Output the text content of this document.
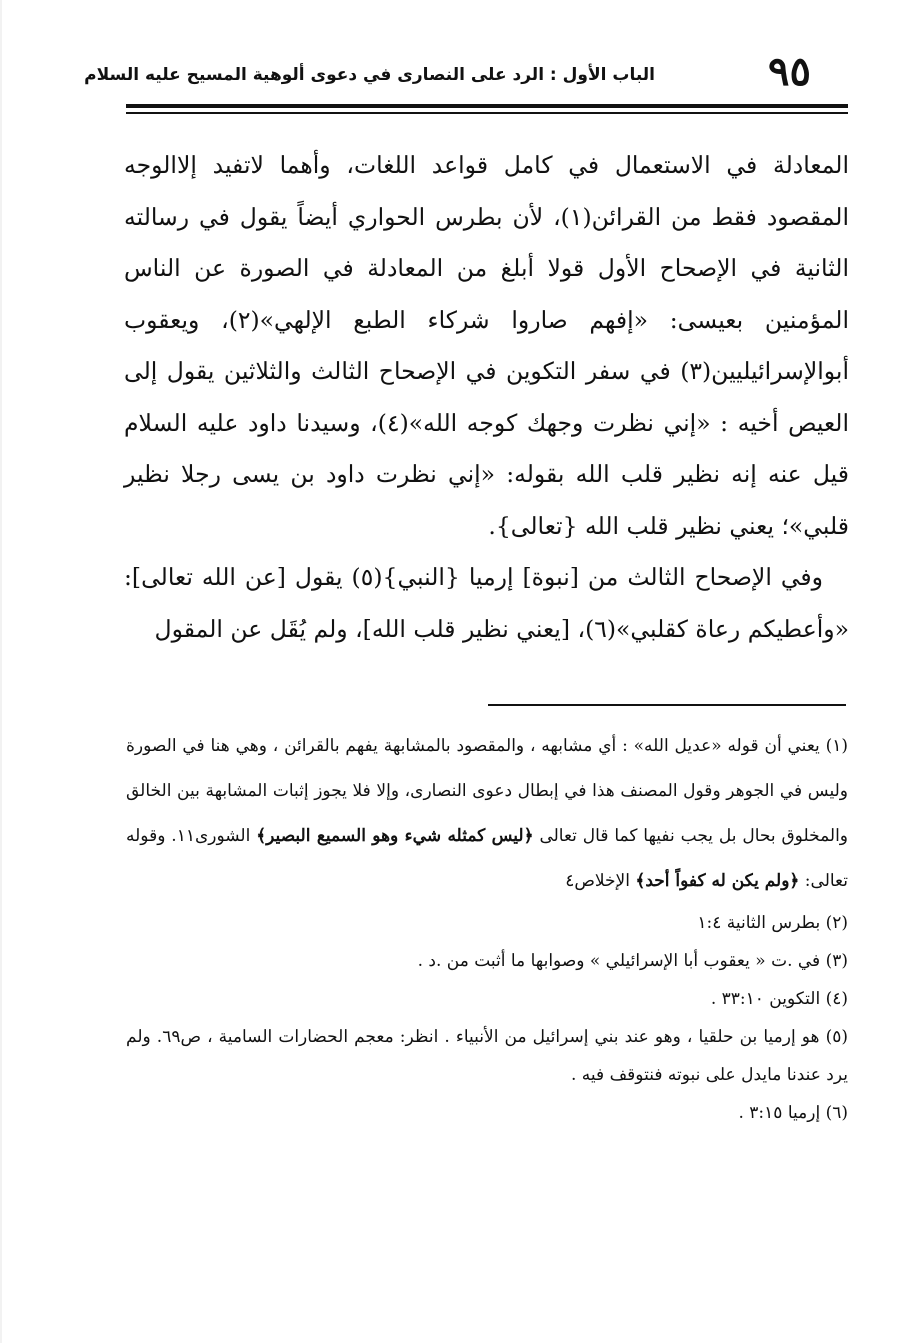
٩٥
الباب الأول : الرد على النصارى في دعوى ألوهية المسيح عليه السلام

المعادلة في الاستعمال في كامل قواعد اللغات، وأهما لاتفيد إلاالوجه المقصود فقط من القرائن(١)، لأن بطرس الحواري أيضاً يقول في رسالته الثانية في الإصحاح الأول قولا أبلغ من المعادلة في الصورة عن الناس المؤمنين بعيسى: «إفهم صاروا شركاء الطبع الإلهي»(٢)، ويعقوب أبوالإسرائيليين(٣) في سفر التكوين في الإصحاح الثالث والثلاثين يقول إلى العيص أخيه : «إني نظرت وجهك كوجه الله»(٤)، وسيدنا داود عليه السلام قيل عنه إنه نظير قلب الله بقوله: «إني نظرت داود بن يسى رجلا نظير قلبي»؛ يعني نظير قلب الله {تعالى}.

وفي الإصحاح الثالث من [نبوة] إرميا {النبي}(٥) يقول [عن الله تعالى]: «وأعطيكم رعاة كقلبي»(٦)، [يعني نظير قلب الله]، ولم يُقَل عن المقول

(١) يعني أن قوله «عديل الله» : أي مشابهه ، والمقصود بالمشابهة يفهم بالقرائن ، وهي هنا في الصورة وليس في الجوهر وقول المصنف هذا في إبطال دعوى النصارى، وإلا فلا يجوز إثبات المشابهة بين الخالق والمخلوق بحال بل يجب نفيها كما قال تعالى ﴿ليس كمثله شيء وهو السميع البصير﴾ الشورى١١. وقوله تعالى: ﴿ولم يكن له كفواً أحد﴾ الإخلاص٤

(٢) بطرس الثانية ١:٤

(٣) في .ت « يعقوب أبا الإسرائيلي » وصوابها ما أثبت من .د .

(٤) التكوين ٣٣:١٠ .

(٥) هو إرميا بن حلقيا ، وهو عند بني إسرائيل من الأنبياء . انظر: معجم الحضارات السامية ، ص٦٩. ولم يرد عندنا مايدل على نبوته فنتوقف فيه .

(٦) إرميا ٣:١٥ .
